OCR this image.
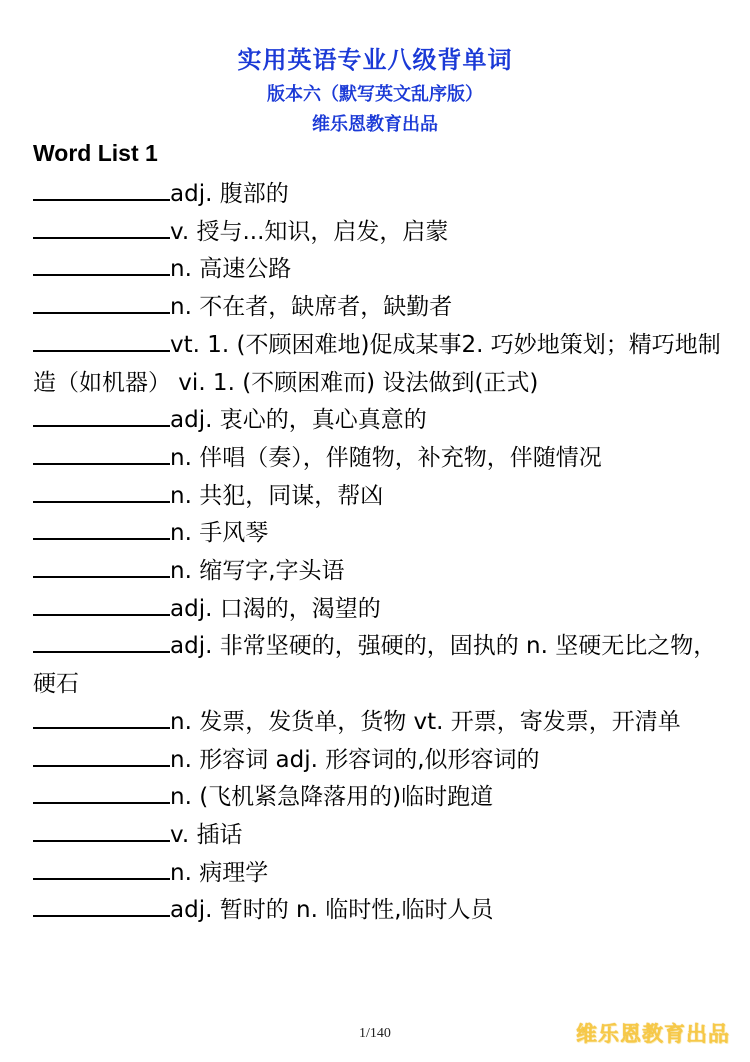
实用英语专业八级背单词
版本六（默写英文乱序版）
维乐恩教育出品
Word List 1
adj. 腹部的
v. 授与...知识，启发，启蒙
n. 高速公路
n. 不在者，缺席者，缺勤者
vt. 1. (不顾困难地)促成某事2. 巧妙地策划；精巧地制造（如机器） vi. 1. (不顾困难而) 设法做到(正式)
adj. 衷心的，真心真意的
n. 伴唱（奏），伴随物，补充物，伴随情况
n. 共犯，同谋，帮凶
n. 手风琴
n. 缩写字,字头语
adj. 口渴的，渴望的
adj. 非常坚硬的，强硬的，固执的 n. 坚硬无比之物，硬石
n. 发票，发货单，货物 vt. 开票，寄发票，开清单
n. 形容词 adj. 形容词的,似形容词的
n. (飞机紧急降落用的)临时跑道
v. 插话
n. 病理学
adj. 暂时的 n. 临时性,临时人员
1/140	维乐恩教育出品
